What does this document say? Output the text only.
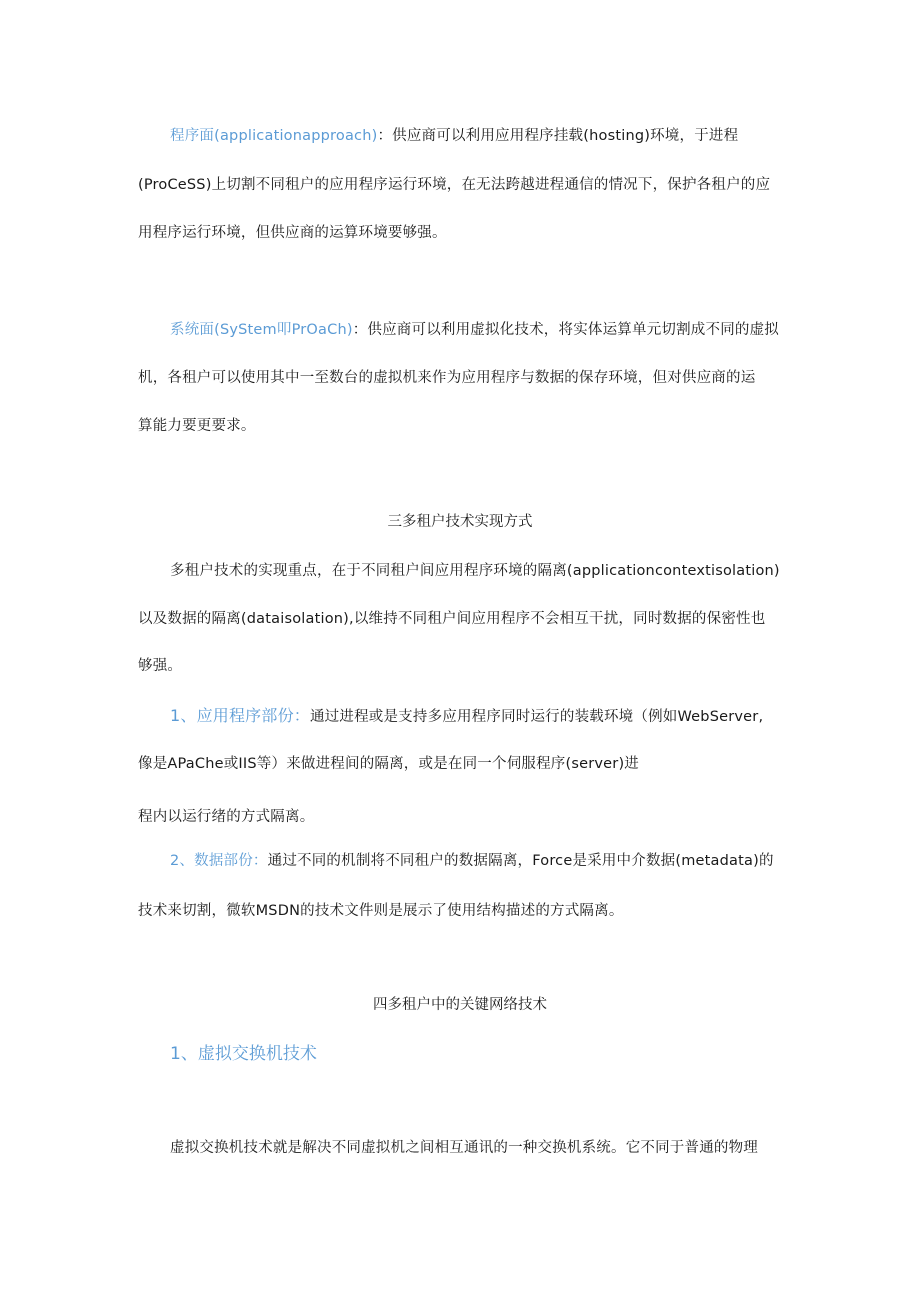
程序面(applicationapproach)：供应商可以利用应用程序挂载(hosting)环境，于进程
(ProCeSS)上切割不同租户的应用程序运行环境，在无法跨越进程通信的情况下，保护各租户的应
用程序运行环境，但供应商的运算环境要够强。
系统面(SyStem叩PrOaCh)：供应商可以利用虚拟化技术，将实体运算单元切割成不同的虚拟
机，各租户可以使用其中一至数台的虚拟机来作为应用程序与数据的保存环境，但对供应商的运
算能力要更要求。
三多租户技术实现方式
多租户技术的实现重点，在于不同租户间应用程序环境的隔离(applicationcontextisolation)
以及数据的隔离(dataisolation),以维持不同租户间应用程序不会相互干扰，同时数据的保密性也
够强。
1、应用程序部份：通过进程或是支持多应用程序同时运行的装载环境（例如WebServer,
像是APaChe或IIS等）来做进程间的隔离，或是在同一个伺服程序(server)进
程内以运行绪的方式隔离。
2、数据部份：通过不同的机制将不同租户的数据隔离，Force是采用中介数据(metadata)的
技术来切割，微软MSDN的技术文件则是展示了使用结构描述的方式隔离。
四多租户中的关键网络技术
1、虚拟交换机技术
虚拟交换机技术就是解决不同虚拟机之间相互通讯的一种交换机系统。它不同于普通的物理
